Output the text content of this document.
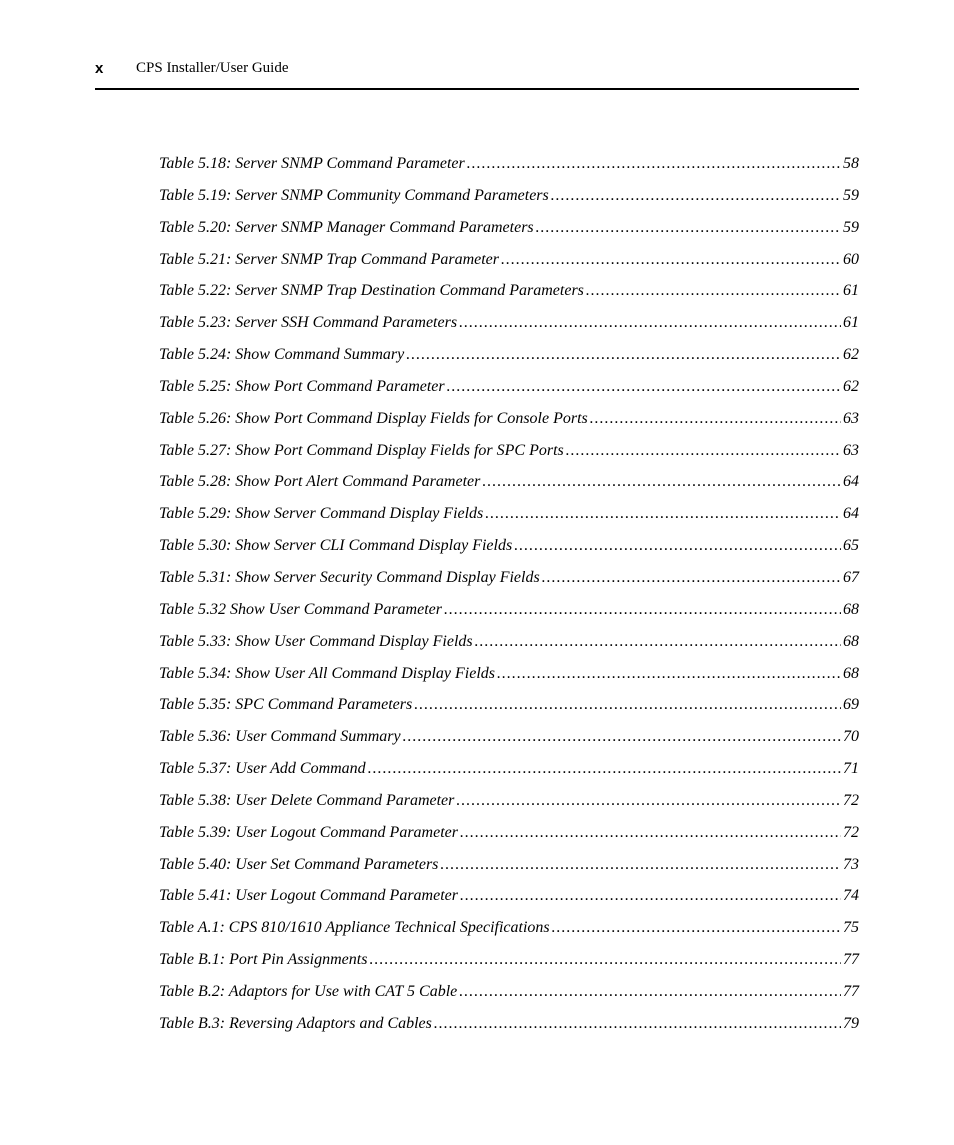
x CPS Installer/User Guide
Table 5.18: Server SNMP Command Parameter .....	58
Table 5.19: Server SNMP Community Command Parameters .....	59
Table 5.20: Server SNMP Manager Command Parameters .....	59
Table 5.21: Server SNMP Trap Command Parameter .....	60
Table 5.22: Server SNMP Trap Destination Command Parameters .....	61
Table 5.23: Server SSH Command Parameters .....	61
Table 5.24: Show Command Summary .....	62
Table 5.25: Show Port Command Parameter .....	62
Table 5.26: Show Port Command Display Fields for Console Ports .....	63
Table 5.27: Show Port Command Display Fields for SPC Ports .....	63
Table 5.28: Show Port Alert Command Parameter .....	64
Table 5.29: Show Server Command Display Fields .....	64
Table 5.30: Show Server CLI Command Display Fields .....	65
Table 5.31: Show Server Security Command Display Fields .....	67
Table 5.32 Show User Command Parameter .....	68
Table 5.33: Show User Command Display Fields .....	68
Table 5.34: Show User All Command Display Fields .....	68
Table 5.35: SPC Command Parameters .....	69
Table 5.36: User Command Summary .....	70
Table 5.37: User Add Command .....	71
Table 5.38: User Delete Command Parameter .....	72
Table 5.39: User Logout Command Parameter .....	72
Table 5.40: User Set Command Parameters .....	73
Table 5.41: User Logout Command Parameter .....	74
Table A.1: CPS 810/1610 Appliance Technical Specifications .....	75
Table B.1: Port Pin Assignments .....	77
Table B.2: Adaptors for Use with CAT 5 Cable .....	77
Table B.3: Reversing Adaptors and Cables .....	79
